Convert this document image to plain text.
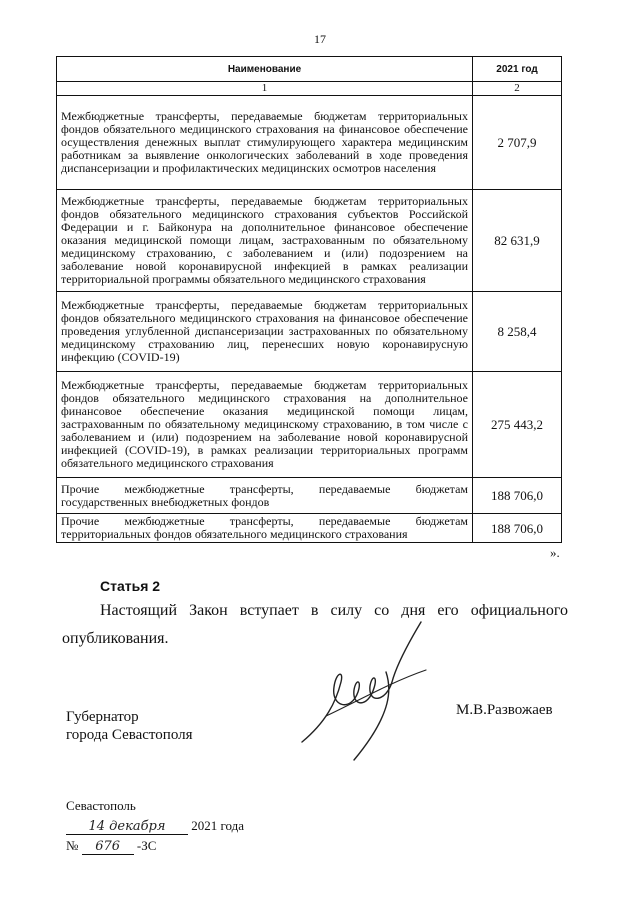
17
Наименование	2021 год
1	2
Межбюджетные трансферты, передаваемые бюджетам территориальных фондов обязательного медицинского страхования на финансовое обеспечение осуществления денежных выплат стимулирующего характера медицинским работникам за выявление онкологических заболеваний в ходе проведения диспансеризации и профилактических медицинских осмотров населения	2 707,9
Межбюджетные трансферты, передаваемые бюджетам территориальных фондов обязательного медицинского страхования субъектов Российской Федерации и г. Байконура на дополнительное финансовое обеспечение оказания медицинской помощи лицам, застрахованным по обязательному медицинскому страхованию, с заболеванием и (или) подозрением на заболевание новой коронавирусной инфекцией в рамках реализации территориальной программы обязательного медицинского страхования	82 631,9
Межбюджетные трансферты, передаваемые бюджетам территориальных фондов обязательного медицинского страхования на финансовое обеспечение проведения углубленной диспансеризации застрахованных по обязательному медицинскому страхованию лиц, перенесших новую коронавирусную инфекцию (COVID-19)	8 258,4
Межбюджетные трансферты, передаваемые бюджетам территориальных фондов обязательного медицинского страхования на дополнительное финансовое обеспечение оказания медицинской помощи лицам, застрахованным по обязательному медицинскому страхованию, в том числе с заболеванием и (или) подозрением на заболевание новой коронавирусной инфекцией (COVID-19), в рамках реализации территориальных программ обязательного медицинского страхования	275 443,2
Прочие межбюджетные трансферты, передаваемые бюджетам государственных внебюджетных фондов	188 706,0
Прочие межбюджетные трансферты, передаваемые бюджетам территориальных фондов обязательного медицинского страхования	188 706,0
».
Статья 2
Настоящий Закон вступает в силу со дня его официального опубликования.
Губернатор
города Севастополя
М.В.Развожаев
Севастополь
14 декабря 2021 года
№ 676 -ЗС
